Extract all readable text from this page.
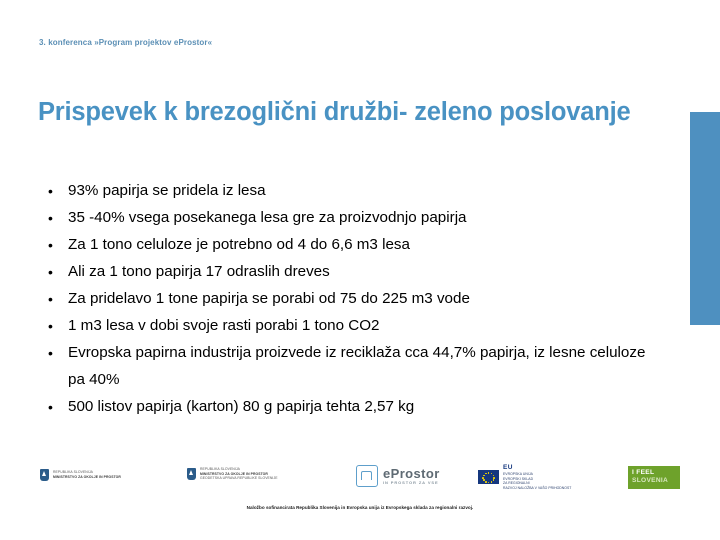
3. konferenca »Program projektov eProstor«
Prispevek k brezoglični družbi- zeleno poslovanje
• 93% papirja se pridela iz lesa
• 35 -40% vsega posekanega lesa gre za proizvodnjo papirja
• Za 1 tono celuloze je potrebno od 4 do 6,6 m3 lesa
• Ali za 1 tono papirja 17 odraslih dreves
• Za pridelavo 1 tone papirja se porabi od 75 do 225 m3 vode
• 1 m3 lesa v dobi svoje rasti porabi 1 tono CO2
• Evropska papirna industrija proizvede iz reciklaža cca 44,7% papirja, iz lesne celuloze pa 40%
• 500 listov papirja (karton) 80 g papirja tehta 2,57 kg
REPUBLIKA SLOVENIJA
MINISTRSTVO ZA OKOLJE IN PROSTOR
REPUBLIKA SLOVENIJA
MINISTRSTVO ZA OKOLJE IN PROSTOR
GEODETSKA UPRAVA REPUBLIKE SLOVENIJE	eProstor
IN PROSTOR ZA VSE
EU
EVROPSKA UNIJA
EVROPSKI SKLAD
ZA REGIONALNI
RAZVOJ NALOŽBA V VAŠO PRIHODNOST
I FEEL
SLOVENIA
Naložbo sofinancirata Republika Slovenija in Evropska unija iz Evropskega sklada za regionalni razvoj.
